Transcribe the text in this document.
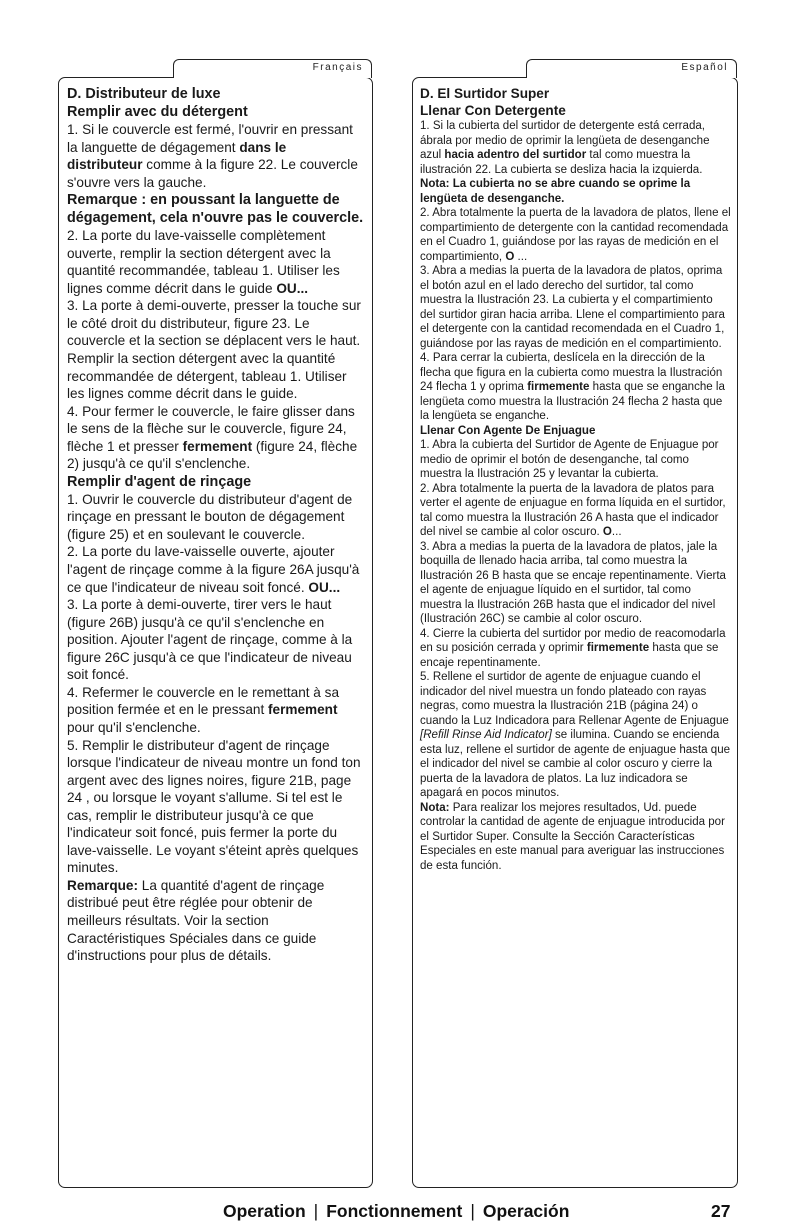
Français	Español

D. Distributeur de luxe

Remplir avec du détergent

1. Si le couvercle est fermé, l'ouvrir en pressant la languette de dégagement dans le distributeur comme à la figure 22. Le couvercle s'ouvre vers la gauche.

Remarque : en poussant la languette de dégagement, cela n'ouvre pas le couvercle.

2. La porte du lave-vaisselle complètement ouverte, remplir la section détergent avec la quantité recommandée, tableau 1. Utiliser les lignes comme décrit dans le guide OU...

3. La porte à demi-ouverte, presser la touche sur le côté droit du distributeur, figure 23. Le couvercle et la section se déplacent vers le haut. Remplir la section détergent avec la quantité recommandée de détergent, tableau 1. Utiliser les lignes comme décrit dans le guide.

4. Pour fermer le couvercle, le faire glisser dans le sens de la flèche sur le couvercle, figure 24, flèche 1 et presser fermement (figure 24, flèche 2) jusqu'à ce qu'il s'enclenche.

Remplir d'agent de rinçage

1. Ouvrir le couvercle du distributeur d'agent de rinçage en pressant le bouton de dégagement (figure 25) et en soulevant le couvercle.

2. La porte du lave-vaisselle ouverte, ajouter l'agent de rinçage comme à la figure 26A jusqu'à ce que l'indicateur de niveau soit foncé. OU...

3. La porte à demi-ouverte, tirer vers le haut (figure 26B) jusqu'à ce qu'il s'enclenche en position. Ajouter l'agent de rinçage, comme à la figure 26C jusqu'à ce que l'indicateur de niveau soit foncé.

4. Refermer le couvercle en le remettant à sa position fermée et en le pressant fermement pour qu'il s'enclenche.

5. Remplir le distributeur d'agent de rinçage lorsque l'indicateur de niveau montre un fond ton argent avec des lignes noires, figure 21B, page 24 , ou lorsque le voyant s'allume. Si tel est le cas, remplir le distributeur jusqu'à ce que l'indicateur soit foncé, puis fermer la porte du lave-vaisselle. Le voyant s'éteint après quelques minutes.

Remarque: La quantité d'agent de rinçage distribué peut être réglée pour obtenir de meilleurs résultats. Voir la section Caractéristiques Spéciales dans ce guide d'instructions pour plus de détails.

D. El Surtidor Super

Llenar Con Detergente

1. Si la cubierta del surtidor de detergente está cerrada, ábrala por medio de oprimir la lengüeta de desenganche azul hacia adentro del surtidor tal como muestra la ilustración 22. La cubierta se desliza hacia la izquierda. Nota: La cubierta no se abre cuando se oprime la lengüeta de desenganche.

2. Abra totalmente la puerta de la lavadora de platos, llene el compartimiento de detergente con la cantidad recomendada en el Cuadro 1, guiándose por las rayas de medición en el compartimiento, O ...

3. Abra a medias la puerta de la lavadora de platos, oprima el botón azul en el lado derecho del surtidor, tal como muestra la Ilustración 23. La cubierta y el compartimiento del surtidor giran hacia arriba. Llene el compartimiento para el detergente con la cantidad recomendada en el Cuadro 1, guiándose por las rayas de medición en el compartimiento.

4. Para cerrar la cubierta, deslícela en la dirección de la flecha que figura en la cubierta como muestra la Ilustración 24 flecha 1 y oprima firmemente hasta que se enganche la lengüeta como muestra la Ilustración 24 flecha 2 hasta que la lengüeta se enganche.

Llenar Con Agente De Enjuague

1. Abra la cubierta del Surtidor de Agente de Enjuague por medio de oprimir el botón de desenganche, tal como muestra la Ilustración 25 y levantar la cubierta.

2. Abra totalmente la puerta de la lavadora de platos para verter el agente de enjuague en forma líquida en el surtidor, tal como muestra la Ilustración 26 A hasta que el indicador del nivel se cambie al color oscuro. O...

3. Abra a medias la puerta de la lavadora de platos, jale la boquilla de llenado hacia arriba, tal como muestra la Ilustración 26 B hasta que se encaje repentinamente. Vierta el agente de enjuague líquido en el surtidor, tal como muestra la Ilustración 26B hasta que el indicador del nivel (Ilustración 26C) se cambie al color oscuro.

4. Cierre la cubierta del surtidor por medio de reacomodarla en su posición cerrada y oprimir firmemente hasta que se encaje repentinamente.

5. Rellene el surtidor de agente de enjuague cuando el indicador del nivel muestra un fondo plateado con rayas negras, como muestra la Ilustración 21B (página 24) o cuando la Luz Indicadora para Rellenar Agente de Enjuague [Refill Rinse Aid Indicator] se ilumina. Cuando se encienda esta luz, rellene el surtidor de agente de enjuague hasta que el indicador del nivel se cambie al color oscuro y cierre la puerta de la lavadora de platos. La luz indicadora se apagará en pocos minutos.

Nota: Para realizar los mejores resultados, Ud. puede controlar la cantidad de agente de enjuague introducida por el Surtidor Super. Consulte la Sección Características Especiales en este manual para averiguar las instrucciones de esta función.

Operation | Fonctionnement | Operación	27
